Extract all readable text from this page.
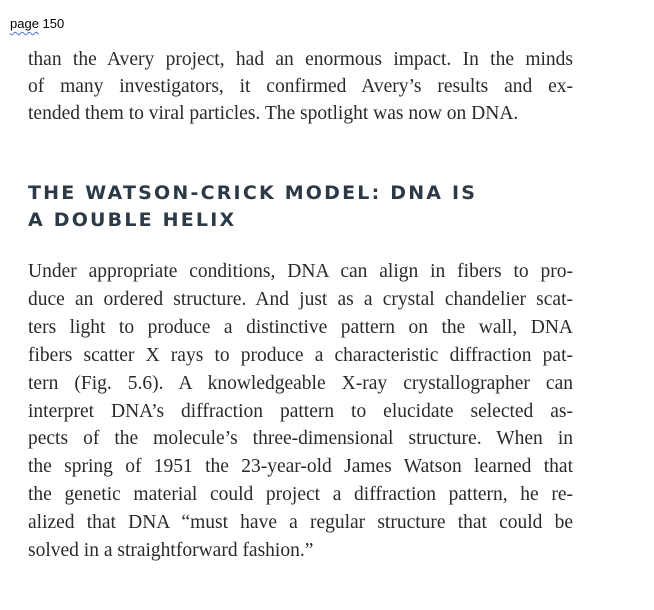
page 150
than the Avery project, had an enormous impact. In the minds
of many investigators, it confirmed Avery’s results and ex-
tended them to viral particles. The spotlight was now on DNA.
THE WATSON-CRICK MODEL: DNA IS
A DOUBLE HELIX
Under appropriate conditions, DNA can align in fibers to pro-
duce an ordered structure. And just as a crystal chandelier scat-
ters light to produce a distinctive pattern on the wall, DNA
fibers scatter X rays to produce a characteristic diffraction pat-
tern (Fig. 5.6). A knowledgeable X-ray crystallographer can
interpret DNA’s diffraction pattern to elucidate selected as-
pects of the molecule’s three-dimensional structure. When in
the spring of 1951 the 23-year-old James Watson learned that
the genetic material could project a diffraction pattern, he re-
alized that DNA “must have a regular structure that could be
solved in a straightforward fashion.”
